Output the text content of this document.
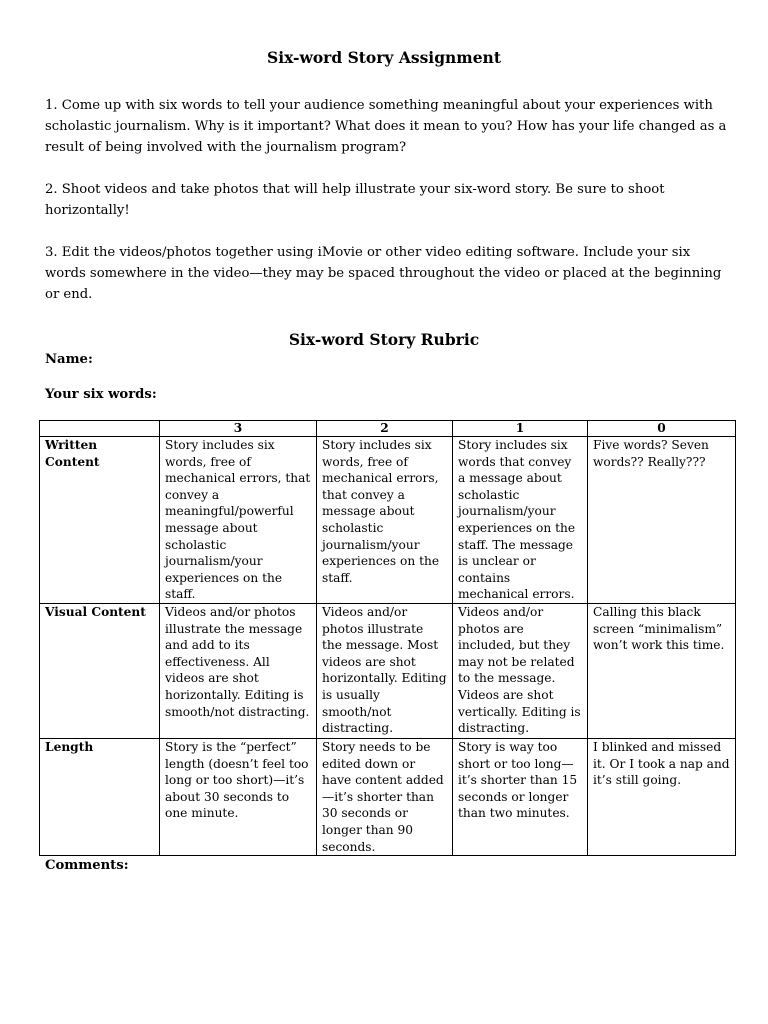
Six-word Story Assignment
1. Come up with six words to tell your audience something meaningful about your experiences with scholastic journalism. Why is it important? What does it mean to you? How has your life changed as a result of being involved with the journalism program?
2. Shoot videos and take photos that will help illustrate your six-word story. Be sure to shoot horizontally!
3. Edit the videos/photos together using iMovie or other video editing software. Include your six words somewhere in the video—they may be spaced throughout the video or placed at the beginning or end.
Six-word Story Rubric
Name:
Your six words:
	3	2	1	0
Written Content	Story includes six words, free of mechanical errors, that convey a meaningful/powerful message about scholastic journalism/your experiences on the staff.	Story includes six words, free of mechanical errors, that convey a message about scholastic journalism/your experiences on the staff.	Story includes six words that convey a message about scholastic journalism/your experiences on the staff. The message is unclear or contains mechanical errors.	Five words? Seven words?? Really???
Visual Content	Videos and/or photos illustrate the message and add to its effectiveness. All videos are shot horizontally. Editing is smooth/not distracting.	Videos and/or photos illustrate the message. Most videos are shot horizontally. Editing is usually smooth/not distracting.	Videos and/or photos are included, but they may not be related to the message. Videos are shot vertically. Editing is distracting.	Calling this black screen “minimalism” won’t work this time.
Length	Story is the “perfect” length (doesn’t feel too long or too short)—it’s about 30 seconds to one minute.	Story needs to be edited down or have content added—it’s shorter than 30 seconds or longer than 90 seconds.	Story is way too short or too long—it’s shorter than 15 seconds or longer than two minutes.	I blinked and missed it. Or I took a nap and it’s still going.
Comments:
